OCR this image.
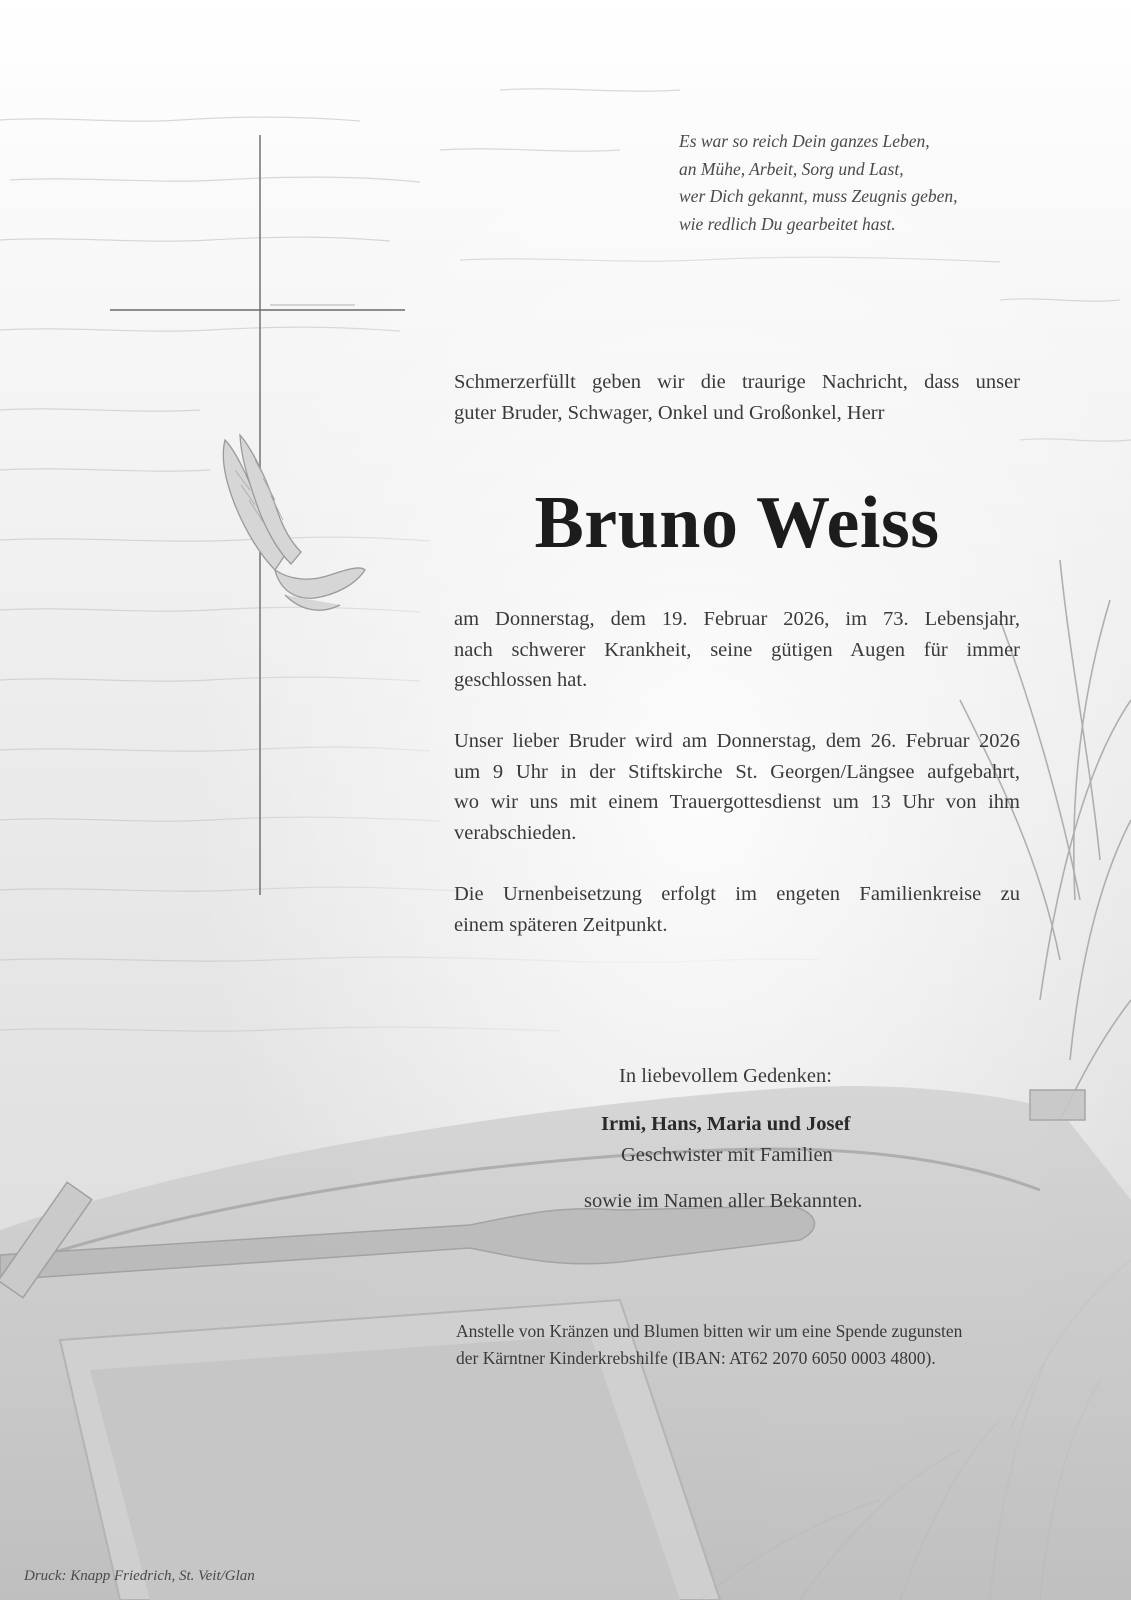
Es war so reich Dein ganzes Leben,
an Mühe, Arbeit, Sorg und Last,
wer Dich gekannt, muss Zeugnis geben,
wie redlich Du gearbeitet hast.
Schmerzerfüllt geben wir die traurige Nachricht, dass unser
guter Bruder, Schwager, Onkel und Großonkel, Herr
Bruno Weiss
am Donnerstag, dem 19. Februar 2026, im 73. Lebensjahr,
nach schwerer Krankheit, seine gütigen Augen für immer
geschlossen hat.
Unser lieber Bruder wird am Donnerstag, dem 26. Februar 2026
um 9 Uhr in der Stiftskirche St. Georgen/Längsee aufgebahrt,
wo wir uns mit einem Trauergottesdienst um 13 Uhr von ihm
verabschieden.
Die Urnenbeisetzung erfolgt im engeten Familienkreise zu
einem späteren Zeitpunkt.
In liebevollem Gedenken:
Irmi, Hans, Maria und Josef
Geschwister mit Familien
sowie im Namen aller Bekannten.
Anstelle von Kränzen und Blumen bitten wir um eine Spende zugunsten
der Kärntner Kinderkrebshilfe (IBAN: AT62 2070 6050 0003 4800).
Druck: Knapp Friedrich, St. Veit/Glan
